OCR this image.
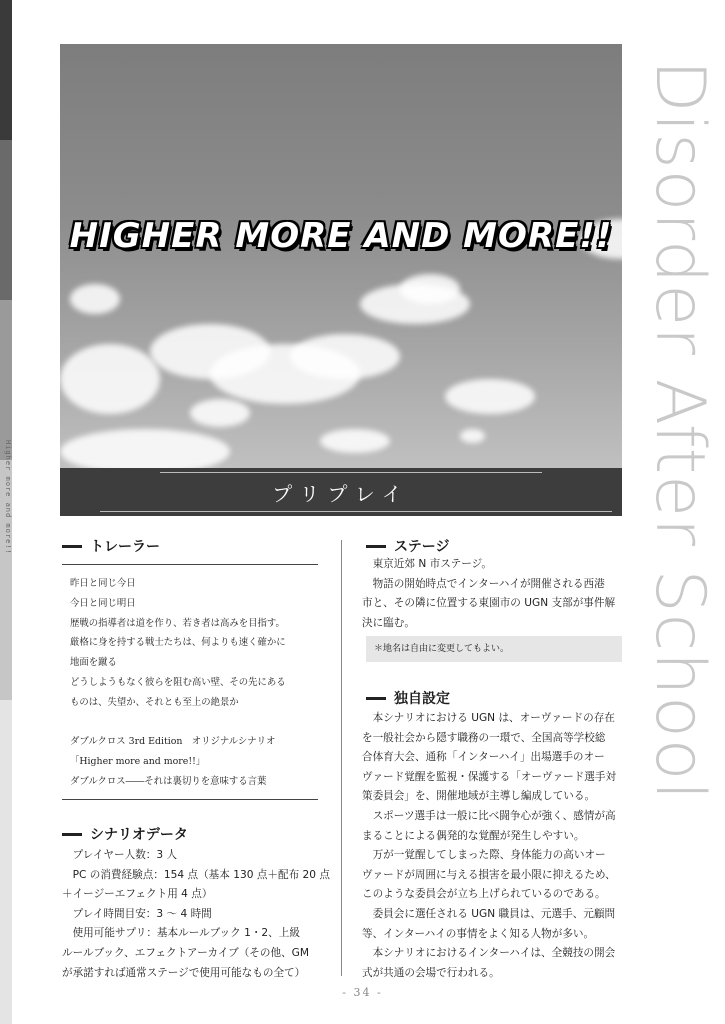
Higher more and more!!	Disorder After School
HIGHER MORE AND MORE!!
プリプレイ
トレーラー
昨日と同じ今日
今日と同じ明日
歴戦の指導者は道を作り、若き者は高みを目指す。
厳格に身を持する戦士たちは、何よりも速く確かに
地面を蹴る
どうしようもなく彼らを阻む高い壁、その先にある
ものは、失望か、それとも至上の絶景か
ダブルクロス 3rd Edition　オリジナルシナリオ
「Higher more and more!!」
ダブルクロス――それは裏切りを意味する言葉
シナリオデータ
　プレイヤー人数：3 人
　PC の消費経験点：154 点（基本 130 点＋配布 20 点
＋イージーエフェクト用 4 点）
　プレイ時間目安：3 〜 4 時間
　使用可能サプリ：基本ルールブック 1・2、上級
ルールブック、エフェクトアーカイブ（その他、GM
が承諾すれば通常ステージで使用可能なもの全て）
ステージ
　東京近郊 N 市ステージ。
　物語の開始時点でインターハイが開催される西港
市と、その隣に位置する東園市の UGN 支部が事件解
決に臨む。
＊地名は自由に変更してもよい。
独自設定
　本シナリオにおける UGN は、オーヴァードの存在
を一般社会から隠す職務の一環で、全国高等学校総
合体育大会、通称「インターハイ」出場選手のオー
ヴァード覚醒を監視・保護する「オーヴァード選手対
策委員会」を、開催地域が主導し編成している。
　スポーツ選手は一般に比べ闘争心が強く、感情が高
まることによる偶発的な覚醒が発生しやすい。
　万が一覚醒してしまった際、身体能力の高いオー
ヴァードが周囲に与える損害を最小限に抑えるため、
このような委員会が立ち上げられているのである。
　委員会に選任される UGN 職員は、元選手、元顧問
等、インターハイの事情をよく知る人物が多い。
　本シナリオにおけるインターハイは、全競技の開会
式が共通の会場で行われる。
- 34 -
